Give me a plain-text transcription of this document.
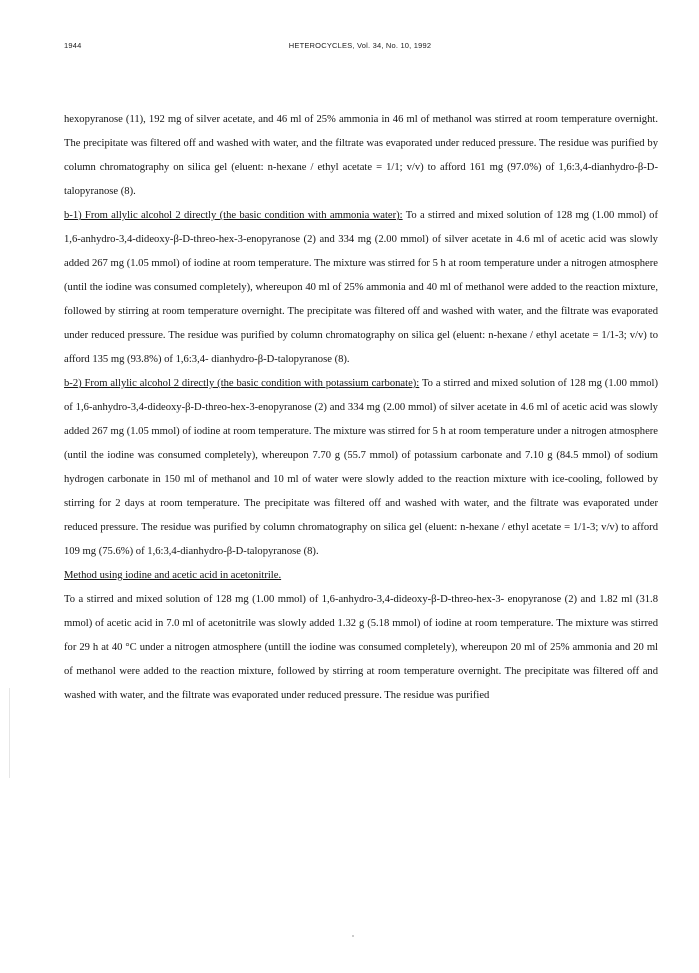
1944	HETEROCYCLES, Vol. 34, No. 10, 1992

hexopyranose (11), 192 mg of silver acetate, and 46 ml of 25% ammonia in 46 ml of methanol was stirred at room temperature overnight. The precipitate was filtered off and washed with water, and the filtrate was evaporated under reduced pressure. The residue was purified by column chromatography on silica gel (eluent: n-hexane / ethyl acetate = 1/1; v/v) to afford 161 mg (97.0%) of 1,6:3,4-dianhydro-β-D-talopyranose (8).

b-1) From allylic alcohol 2 directly (the basic condition with ammonia water): To a stirred and mixed solution of 128 mg (1.00 mmol) of 1,6-anhydro-3,4-dideoxy-β-D-threo-hex-3-enopyranose (2) and 334 mg (2.00 mmol) of silver acetate in 4.6 ml of acetic acid was slowly added 267 mg (1.05 mmol) of iodine at room temperature. The mixture was stirred for 5 h at room temperature under a nitrogen atmosphere (until the iodine was consumed completely), whereupon 40 ml of 25% ammonia and 40 ml of methanol were added to the reaction mixture, followed by stirring at room temperature overnight. The precipitate was filtered off and washed with water, and the filtrate was evaporated under reduced pressure. The residue was purified by column chromatography on silica gel (eluent: n-hexane / ethyl acetate = 1/1-3; v/v) to afford 135 mg (93.8%) of 1,6:3,4- dianhydro-β-D-talopyranose (8).

b-2) From allylic alcohol 2 directly (the basic condition with potassium carbonate): To a stirred and mixed solution of 128 mg (1.00 mmol) of 1,6-anhydro-3,4-dideoxy-β-D-threo-hex-3-enopyranose (2) and 334 mg (2.00 mmol) of silver acetate in 4.6 ml of acetic acid was slowly added 267 mg (1.05 mmol) of iodine at room temperature. The mixture was stirred for 5 h at room temperature under a nitrogen atmosphere (until the iodine was consumed completely), whereupon 7.70 g (55.7 mmol) of potassium carbonate and 7.10 g (84.5 mmol) of sodium hydrogen carbonate in 150 ml of methanol and 10 ml of water were slowly added to the reaction mixture with ice-cooling, followed by stirring for 2 days at room temperature. The precipitate was filtered off and washed with water, and the filtrate was evaporated under reduced pressure. The residue was purified by column chromatography on silica gel (eluent: n-hexane / ethyl acetate = 1/1-3; v/v) to afford 109 mg (75.6%) of 1,6:3,4-dianhydro-β-D-talopyranose (8).

Method using iodine and acetic acid in acetonitrile.

To a stirred and mixed solution of 128 mg (1.00 mmol) of 1,6-anhydro-3,4-dideoxy-β-D-threo-hex-3- enopyranose (2) and 1.82 ml (31.8 mmol) of acetic acid in 7.0 ml of acetonitrile was slowly added 1.32 g (5.18 mmol) of iodine at room temperature. The mixture was stirred for 29 h at 40 °C under a nitrogen atmosphere (untill the iodine was consumed completely), whereupon 20 ml of 25% ammonia and 20 ml of methanol were added to the reaction mixture, followed by stirring at room temperature overnight. The precipitate was filtered off and washed with water, and the filtrate was evaporated under reduced pressure. The residue was purified
